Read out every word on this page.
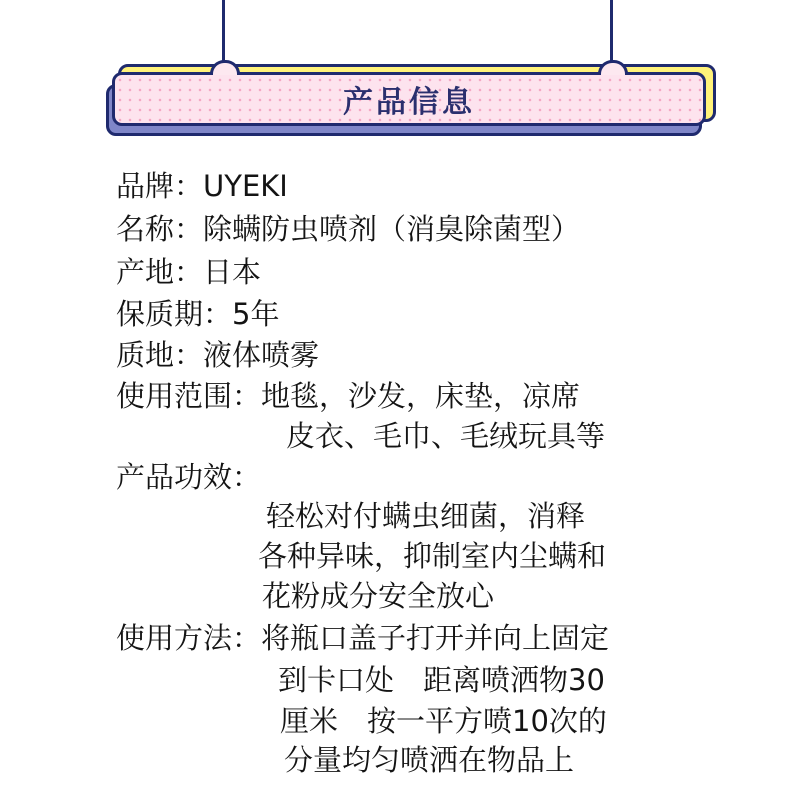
产品信息
品牌：UYEKI
名称：除螨防虫喷剂（消臭除菌型）
产地：日本
保质期：5年
质地：液体喷雾
使用范围：地毯，沙发，床垫，凉席
皮衣、毛巾、毛绒玩具等
产品功效：
轻松对付螨虫细菌，消释
各种异味，抑制室内尘螨和
花粉成分安全放心
使用方法：将瓶口盖子打开并向上固定
到卡口处　距离喷洒物30
厘米　按一平方喷10次的
分量均匀喷洒在物品上
